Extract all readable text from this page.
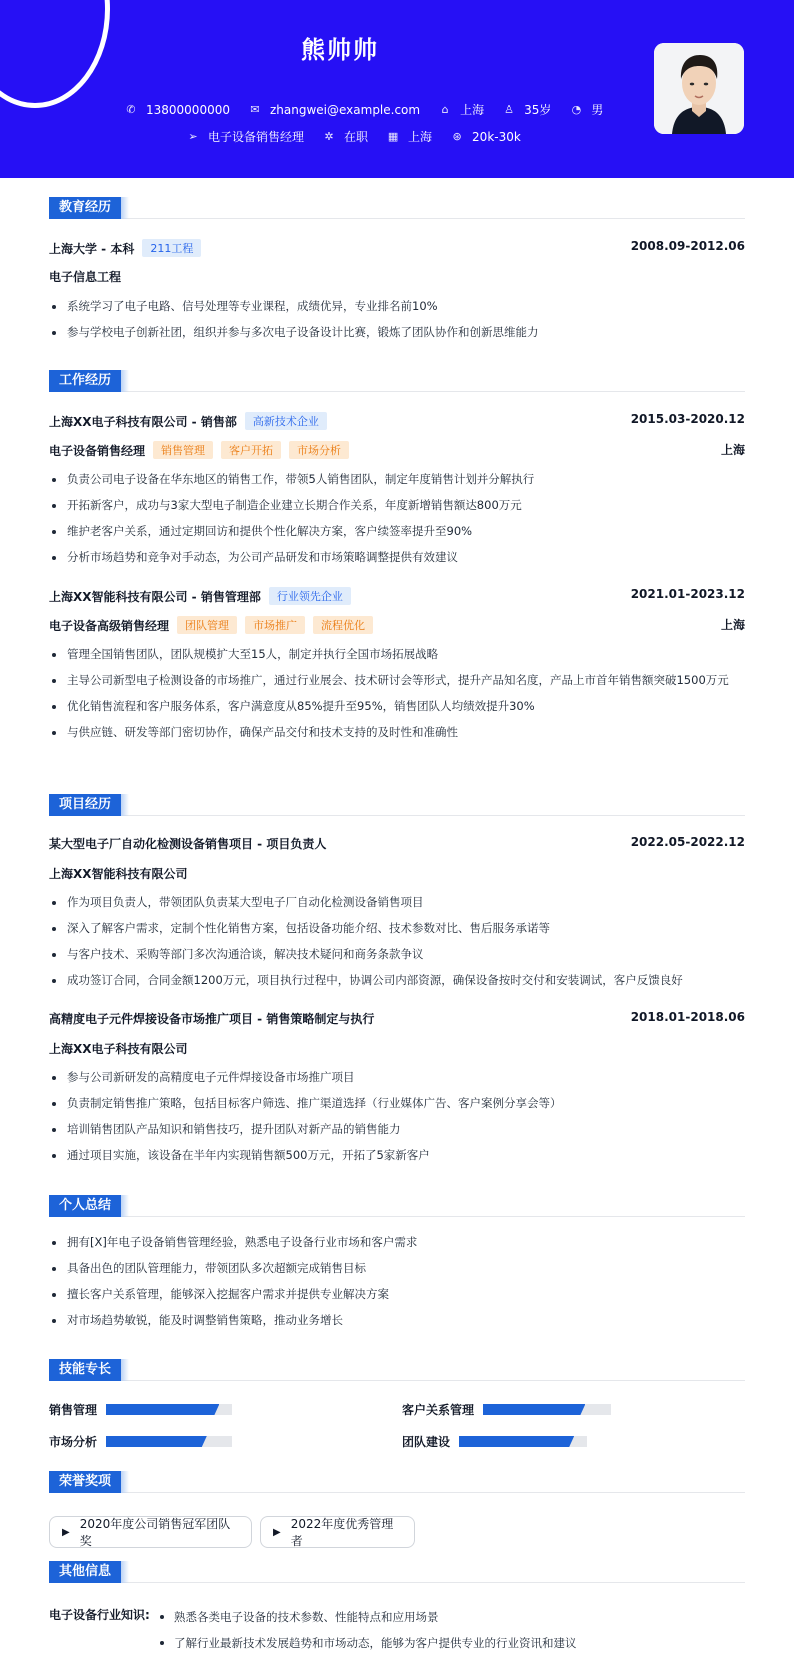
熊帅帅
✆ 13800000000 ✉ zhangwei@example.com	⌂ 上海 ♙ 35岁 ◔ 男
➢ 电子设备销售经理 ✲ 在职 ▦ 上海 ⊛ 20k-30k
教育经历
上海大学 - 本科	211工程	2008.09-2012.06
电子信息工程
系统学习了电子电路、信号处理等专业课程，成绩优异，专业排名前10%
参与学校电子创新社团，组织并参与多次电子设备设计比赛，锻炼了团队协作和创新思维能力
工作经历
上海XX电子科技有限公司 - 销售部	高新技术企业	2015.03-2020.12
电子设备销售经理	销售管理	客户开拓	市场分析	上海
负责公司电子设备在华东地区的销售工作，带领5人销售团队，制定年度销售计划并分解执行
开拓新客户，成功与3家大型电子制造企业建立长期合作关系，年度新增销售额达800万元
维护老客户关系，通过定期回访和提供个性化解决方案，客户续签率提升至90%
分析市场趋势和竞争对手动态，为公司产品研发和市场策略调整提供有效建议
上海XX智能科技有限公司 - 销售管理部	行业领先企业	2021.01-2023.12
电子设备高级销售经理	团队管理	市场推广	流程优化	上海
管理全国销售团队，团队规模扩大至15人，制定并执行全国市场拓展战略
主导公司新型电子检测设备的市场推广，通过行业展会、技术研讨会等形式，提升产品知名度，产品上市首年销售额突破1500万元
优化销售流程和客户服务体系，客户满意度从85%提升至95%，销售团队人均绩效提升30%
与供应链、研发等部门密切协作，确保产品交付和技术支持的及时性和准确性
项目经历
某大型电子厂自动化检测设备销售项目 - 项目负责人	2022.05-2022.12
上海XX智能科技有限公司
作为项目负责人，带领团队负责某大型电子厂自动化检测设备销售项目
深入了解客户需求，定制个性化销售方案，包括设备功能介绍、技术参数对比、售后服务承诺等
与客户技术、采购等部门多次沟通洽谈，解决技术疑问和商务条款争议
成功签订合同，合同金额1200万元，项目执行过程中，协调公司内部资源，确保设备按时交付和安装调试，客户反馈良好
高精度电子元件焊接设备市场推广项目 - 销售策略制定与执行	2018.01-2018.06
上海XX电子科技有限公司
参与公司新研发的高精度电子元件焊接设备市场推广项目
负责制定销售推广策略，包括目标客户筛选、推广渠道选择（行业媒体广告、客户案例分享会等）
培训销售团队产品知识和销售技巧，提升团队对新产品的销售能力
通过项目实施，该设备在半年内实现销售额500万元，开拓了5家新客户
个人总结
拥有[X]年电子设备销售管理经验，熟悉电子设备行业市场和客户需求
具备出色的团队管理能力，带领团队多次超额完成销售目标
擅长客户关系管理，能够深入挖掘客户需求并提供专业解决方案
对市场趋势敏锐，能及时调整销售策略，推动业务增长
技能专长
销售管理	客户关系管理
市场分析	团队建设
荣誉奖项
▶
2020年度公司销售冠军团队奖
▶
2022年度优秀管理者
其他信息
电子设备行业知识:	熟悉各类电子设备的技术参数、性能特点和应用场景
了解行业最新技术发展趋势和市场动态，能够为客户提供专业的行业资讯和建议
